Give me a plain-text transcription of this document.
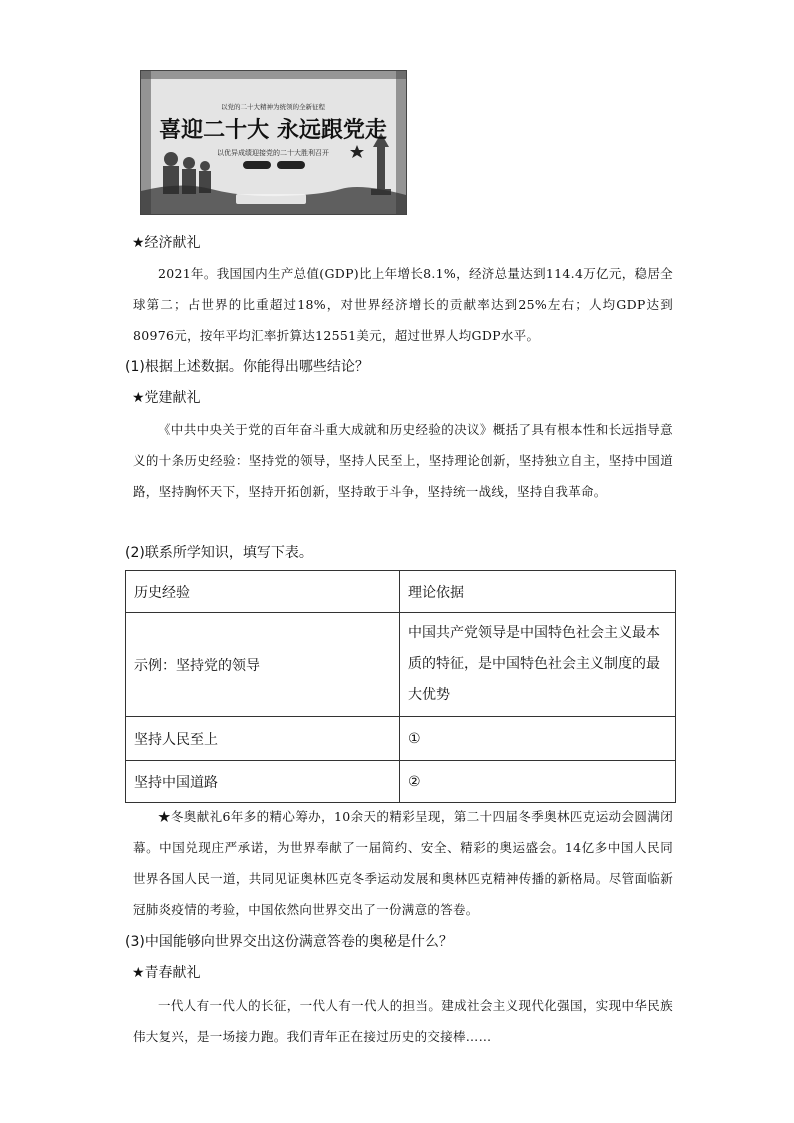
以党的二十大精神为统领的全新征程
喜迎二十大 永远跟党走
以优异成绩迎接党的二十大胜利召开
★经济献礼

2021年。我国国内生产总值(GDP)比上年增长8.1%，经济总量达到114.4万亿元，稳居全球第二；占世界的比重超过18%，对世界经济增长的贡献率达到25%左右；人均GDP达到80976元，按年平均汇率折算达12551美元，超过世界人均GDP水平。

(1)根据上述数据。你能得出哪些结论？
★党建献礼

《中共中央关于党的百年奋斗重大成就和历史经验的决议》概括了具有根本性和长远指导意义的十条历史经验：坚持党的领导，坚持人民至上，坚持理论创新，坚持独立自主，坚持中国道路，坚持胸怀天下，坚持开拓创新，坚持敢于斗争，坚持统一战线，坚持自我革命。

(2)联系所学知识，填写下表。
历史经验	理论依据
示例：坚持党的领导	中国共产党领导是中国特色社会主义最本质的特征，是中国特色社会主义制度的最大优势
坚持人民至上	①
坚持中国道路	②

★冬奥献礼6年多的精心筹办，10余天的精彩呈现，第二十四届冬季奥林匹克运动会圆满闭幕。中国兑现庄严承诺，为世界奉献了一届简约、安全、精彩的奥运盛会。14亿多中国人民同世界各国人民一道，共同见证奥林匹克冬季运动发展和奥林匹克精神传播的新格局。尽管面临新冠肺炎疫情的考验，中国依然向世界交出了一份满意的答卷。

(3)中国能够向世界交出这份满意答卷的奥秘是什么？
★青春献礼

一代人有一代人的长征，一代人有一代人的担当。建成社会主义现代化强国，实现中华民族伟大复兴，是一场接力跑。我们青年正在接过历史的交接棒……
